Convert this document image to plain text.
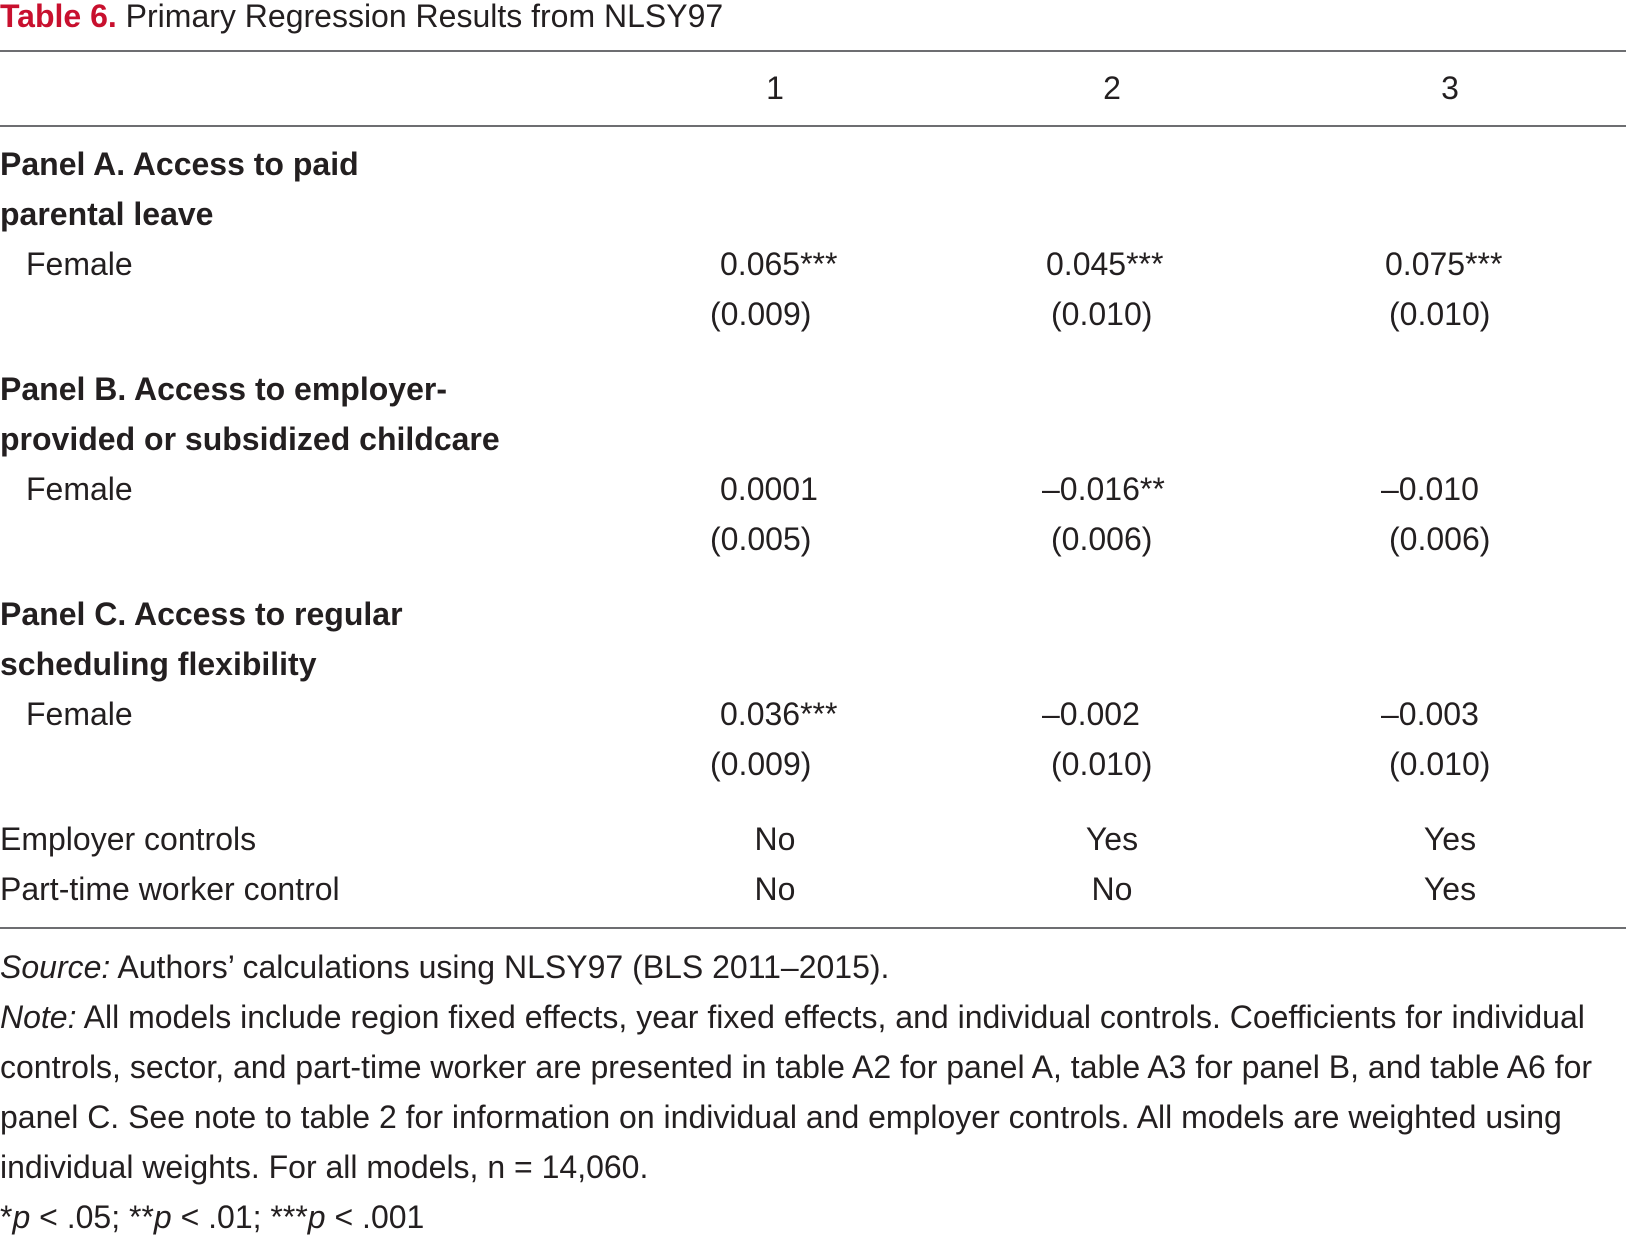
Table 6. Primary Regression Results from NLSY97
1	2	3
Panel A. Access to paid
parental leave
Female	0.065***	0.045***	0.075***
(0.009)	(0.010)	(0.010)
Panel B. Access to employer-
provided or subsidized childcare
Female	0.0001	–0.016**	–0.010
(0.005)	(0.006)	(0.006)
Panel C. Access to regular
scheduling flexibility
Female	0.036***	–0.002	–0.003
(0.009)	(0.010)	(0.010)
Employer controls	No	Yes	Yes
Part-time worker control	No	No	Yes

Source: Authors’ calculations using NLSY97 (BLS 2011–2015).

Note: All models include region fixed effects, year fixed effects, and individual controls. Coefficients for individual controls, sector, and part-time worker are presented in table A2 for panel A, table A3 for panel B, and table A6 for panel C. See note to table 2 for information on individual and employer controls. All models are weighted using individual weights. For all models, n = 14,060.

*p < .05; **p < .01; ***p < .001
